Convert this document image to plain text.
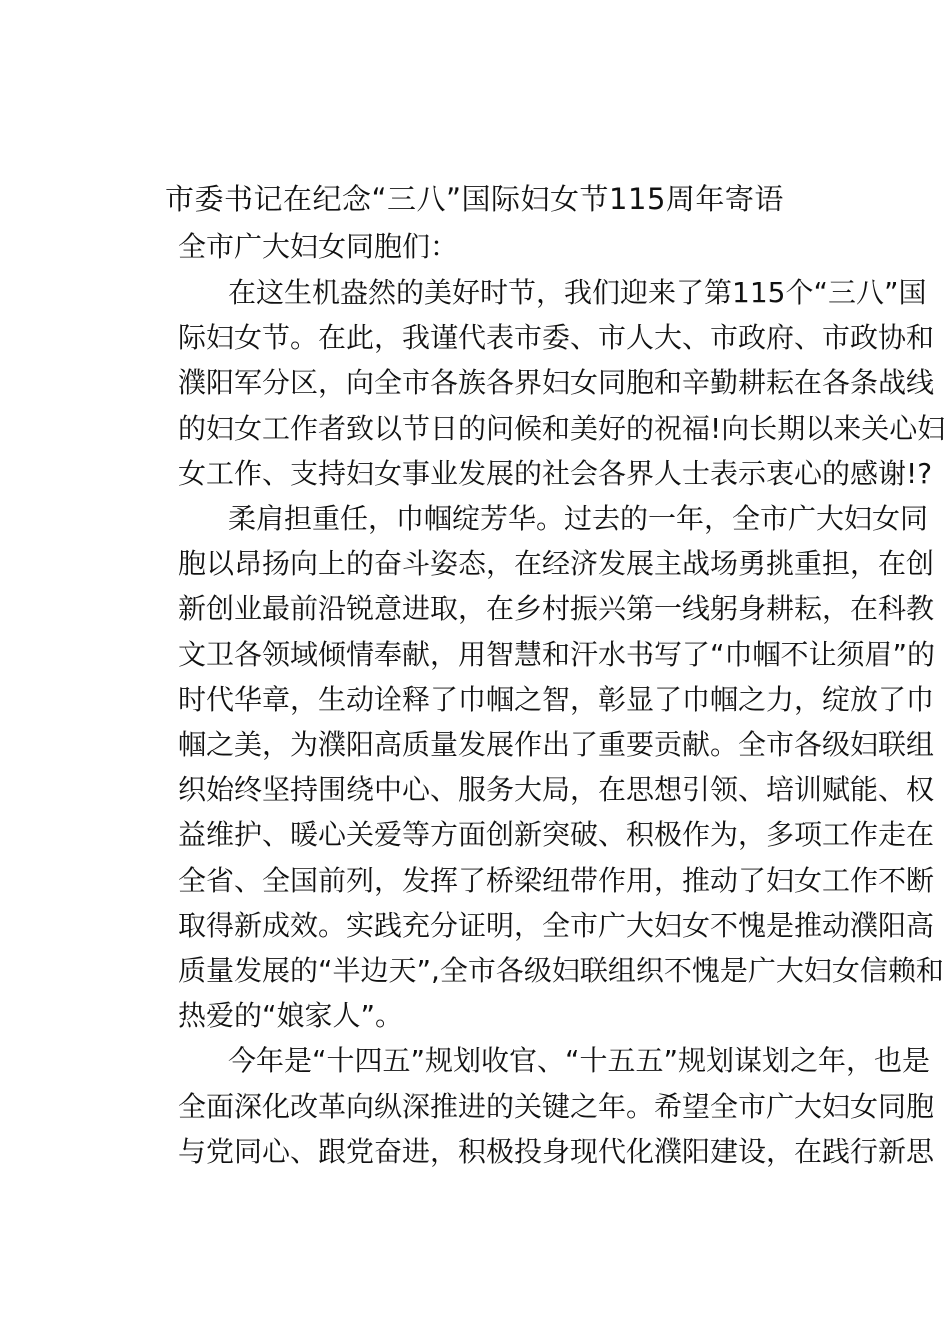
市委书记在纪念“三八”国际妇女节115周年寄语

全市广大妇女同胞们：

在这生机盎然的美好时节，我们迎来了第115个“三八”国
际妇女节。在此，我谨代表市委、市人大、市政府、市政协和
濮阳军分区，向全市各族各界妇女同胞和辛勤耕耘在各条战线
的妇女工作者致以节日的问候和美好的祝福!向长期以来关心妇
女工作、支持妇女事业发展的社会各界人士表示衷心的感谢!?
柔肩担重任，巾帼绽芳华。过去的一年，全市广大妇女同
胞以昂扬向上的奋斗姿态，在经济发展主战场勇挑重担，在创
新创业最前沿锐意进取，在乡村振兴第一线躬身耕耘，在科教
文卫各领域倾情奉献，用智慧和汗水书写了“巾帼不让须眉”的
时代华章，生动诠释了巾帼之智，彰显了巾帼之力，绽放了巾
帼之美，为濮阳高质量发展作出了重要贡献。全市各级妇联组
织始终坚持围绕中心、服务大局，在思想引领、培训赋能、权
益维护、暖心关爱等方面创新突破、积极作为，多项工作走在
全省、全国前列，发挥了桥梁纽带作用，推动了妇女工作不断
取得新成效。实践充分证明，全市广大妇女不愧是推动濮阳高
质量发展的“半边天”,全市各级妇联组织不愧是广大妇女信赖和
热爱的“娘家人”。
今年是“十四五”规划收官、“十五五”规划谋划之年，也是
全面深化改革向纵深推进的关键之年。希望全市广大妇女同胞
与党同心、跟党奋进，积极投身现代化濮阳建设，在践行新思
